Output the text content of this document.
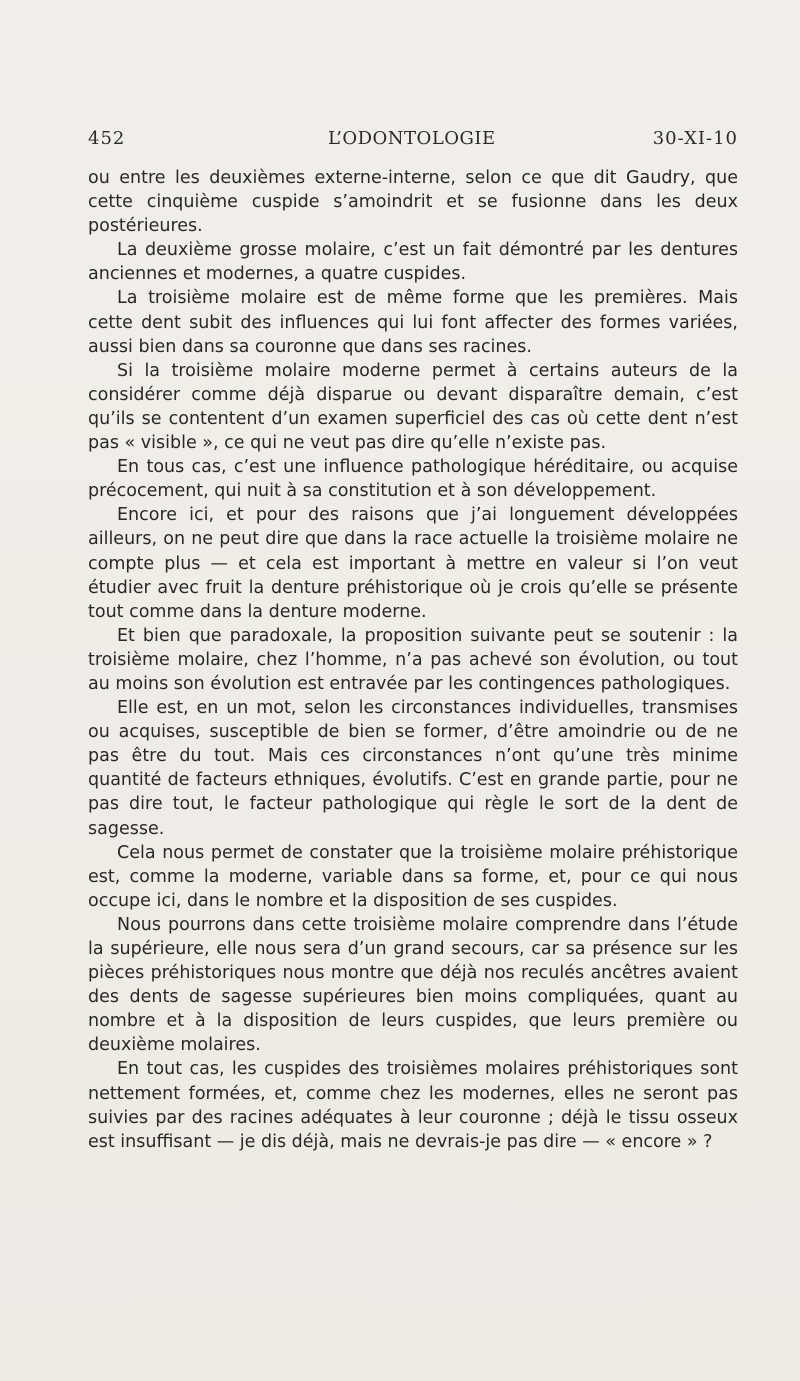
452	L’ODONTOLOGIE	30-XI-10

ou entre les deuxièmes externe-interne, selon ce que dit Gaudry, que cette cinquième cuspide s’amoindrit et se fusionne dans les deux postérieures.

La deuxième grosse molaire, c’est un fait démontré par les dentures anciennes et modernes, a quatre cuspides.

La troisième molaire est de même forme que les premières. Mais cette dent subit des influences qui lui font affecter des formes variées, aussi bien dans sa couronne que dans ses racines.

Si la troisième molaire moderne permet à certains auteurs de la considérer comme déjà disparue ou devant disparaître demain, c’est qu’ils se contentent d’un examen superficiel des cas où cette dent n’est pas « visible », ce qui ne veut pas dire qu’elle n’existe pas.

En tous cas, c’est une influence pathologique héréditaire, ou acquise précocement, qui nuit à sa constitution et à son développement.

Encore ici, et pour des raisons que j’ai longuement développées ailleurs, on ne peut dire que dans la race actuelle la troisième molaire ne compte plus — et cela est important à mettre en valeur si l’on veut étudier avec fruit la denture préhistorique où je crois qu’elle se présente tout comme dans la denture moderne.

Et bien que paradoxale, la proposition suivante peut se soutenir : la troisième molaire, chez l’homme, n’a pas achevé son évolution, ou tout au moins son évolution est entravée par les contingences pathologiques.

Elle est, en un mot, selon les circonstances individuelles, transmises ou acquises, susceptible de bien se former, d’être amoindrie ou de ne pas être du tout. Mais ces circonstances n’ont qu’une très minime quantité de facteurs ethniques, évolutifs. C’est en grande partie, pour ne pas dire tout, le facteur pathologique qui règle le sort de la dent de sagesse.

Cela nous permet de constater que la troisième molaire préhistorique est, comme la moderne, variable dans sa forme, et, pour ce qui nous occupe ici, dans le nombre et la disposition de ses cuspides.

Nous pourrons dans cette troisième molaire comprendre dans l’étude la supérieure, elle nous sera d’un grand secours, car sa présence sur les pièces préhistoriques nous montre que déjà nos reculés ancêtres avaient des dents de sagesse supérieures bien moins compliquées, quant au nombre et à la disposition de leurs cuspides, que leurs première ou deuxième molaires.

En tout cas, les cuspides des troisièmes molaires préhistoriques sont nettement formées, et, comme chez les modernes, elles ne seront pas suivies par des racines adéquates à leur couronne ; déjà le tissu osseux est insuffisant — je dis déjà, mais ne devrais-je pas dire — « encore » ?
